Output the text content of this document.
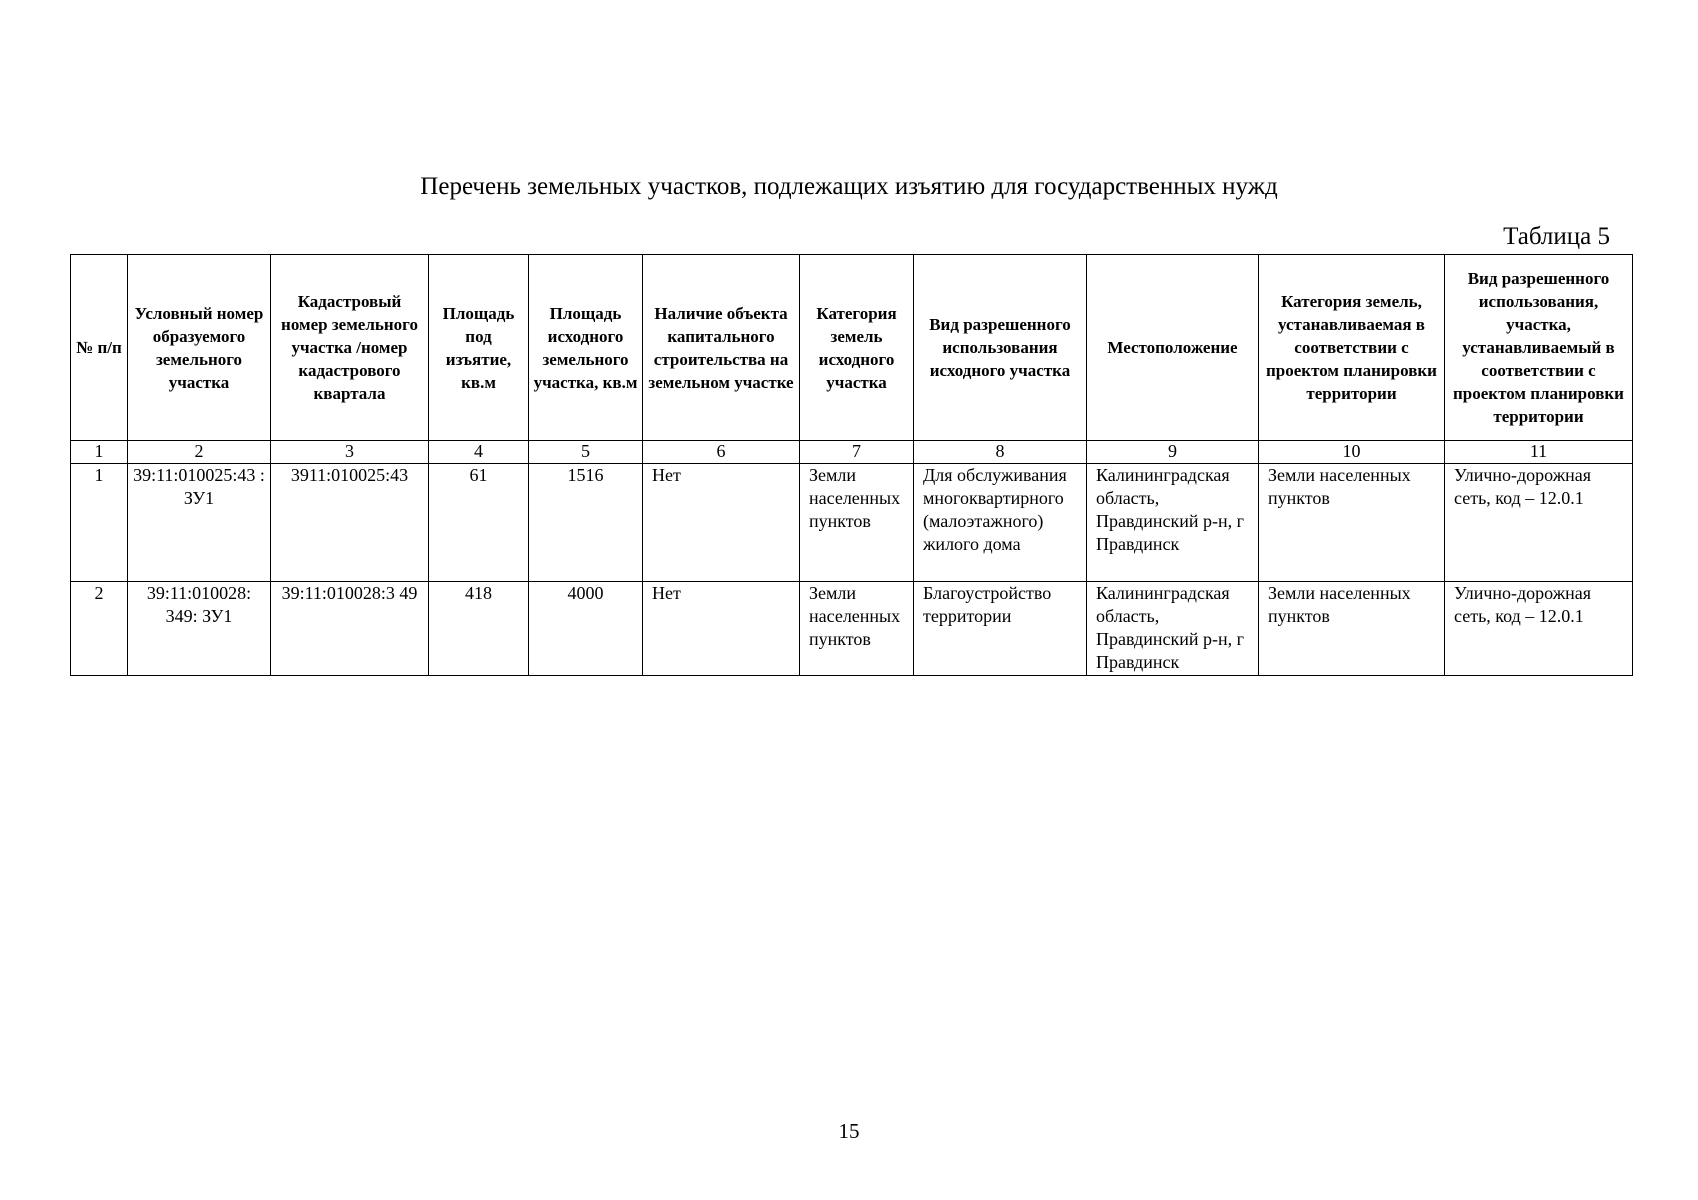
Перечень земельных участков, подлежащих изъятию для государственных нужд
Таблица 5
№ п/п	Условный номер образуемого земельного участка	Кадастровый номер земельного участка /номер кадастрового квартала	Площадь под изъятие, кв.м	Площадь исходного земельного участка, кв.м	Наличие объекта капитального строительства на земельном участке	Категория земель исходного участка	Вид разрешенного использования исходного участка	Местоположение	Категория земель, устанавливаемая в соответствии с проектом планировки территории	Вид разрешенного использования, участка, устанавливаемый в соответствии с проектом планировки территории
1	2	3	4	5	6	7	8	9	10	11
1	39:11:010025:43 : ЗУ1	3911:010025:43	61	1516	Нет	Земли населенных пунктов	Для обслуживания многоквартирного (малоэтажного) жилого дома	Калининградская область, Правдинский р-н, г Правдинск	Земли населенных пунктов	Улично-дорожная сеть, код – 12.0.1
2	39:11:010028: 349: ЗУ1	39:11:010028:3 49	418	4000	Нет	Земли населенных пунктов	Благоустройство территории	Калининградская область, Правдинский р-н, г Правдинск	Земли населенных пунктов	Улично-дорожная сеть, код – 12.0.1
15
